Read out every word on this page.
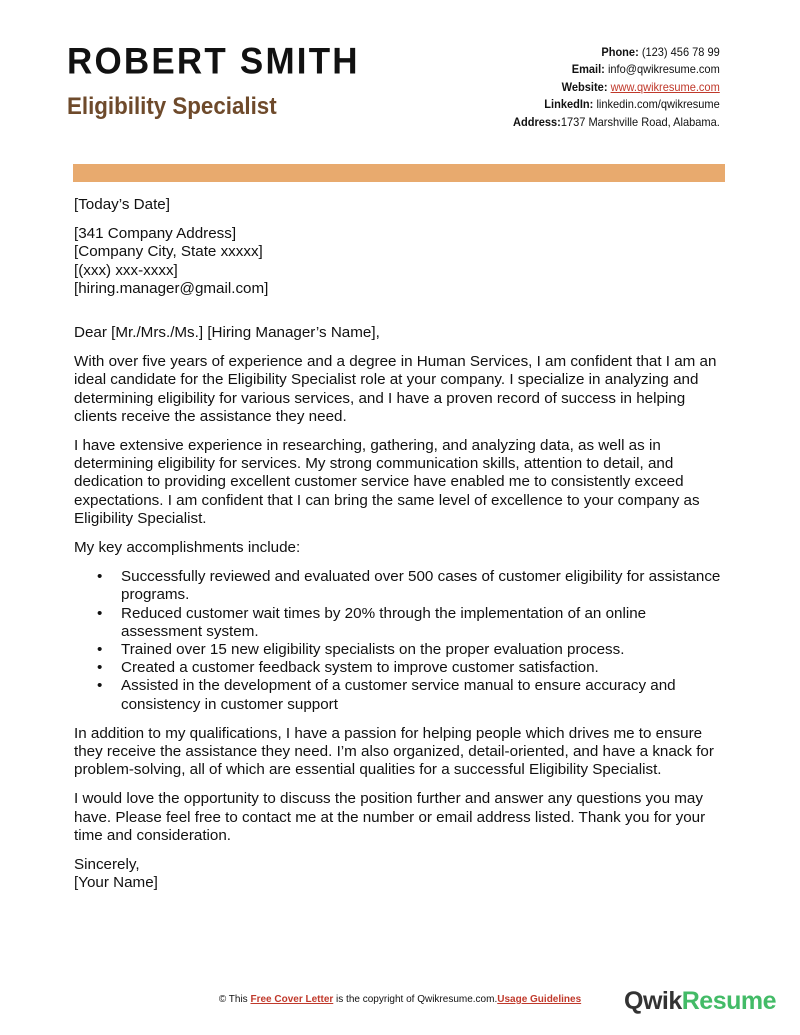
ROBERT SMITH
Eligibility Specialist
Phone: (123) 456 78 99
Email: info@qwikresume.com
Website: www.qwikresume.com
LinkedIn: linkedin.com/qwikresume
Address:1737 Marshville Road, Alabama.

[Today’s Date]

[341 Company Address]
[Company City, State xxxxx]
[(xxx) xxx-xxxx]
[hiring.manager@gmail.com]

Dear [Mr./Mrs./Ms.] [Hiring Manager’s Name],

With over five years of experience and a degree in Human Services, I am confident that I am an ideal candidate for the Eligibility Specialist role at your company. I specialize in analyzing and determining eligibility for various services, and I have a proven record of success in helping clients receive the assistance they need.

I have extensive experience in researching, gathering, and analyzing data, as well as in determining eligibility for services. My strong communication skills, attention to detail, and dedication to providing excellent customer service have enabled me to consistently exceed expectations. I am confident that I can bring the same level of excellence to your company as Eligibility Specialist.

My key accomplishments include:

• Successfully reviewed and evaluated over 500 cases of customer eligibility for assistance programs.
• Reduced customer wait times by 20% through the implementation of an online assessment system.
• Trained over 15 new eligibility specialists on the proper evaluation process.
• Created a customer feedback system to improve customer satisfaction.
• Assisted in the development of a customer service manual to ensure accuracy and consistency in customer support

In addition to my qualifications, I have a passion for helping people which drives me to ensure they receive the assistance they need. I’m also organized, detail-oriented, and have a knack for problem-solving, all of which are essential qualities for a successful Eligibility Specialist.

I would love the opportunity to discuss the position further and answer any questions you may have. Please feel free to contact me at the number or email address listed. Thank you for your time and consideration.

Sincerely,
[Your Name]
© This Free Cover Letter is the copyright of Qwikresume.com.Usage Guidelines	QwikResume
